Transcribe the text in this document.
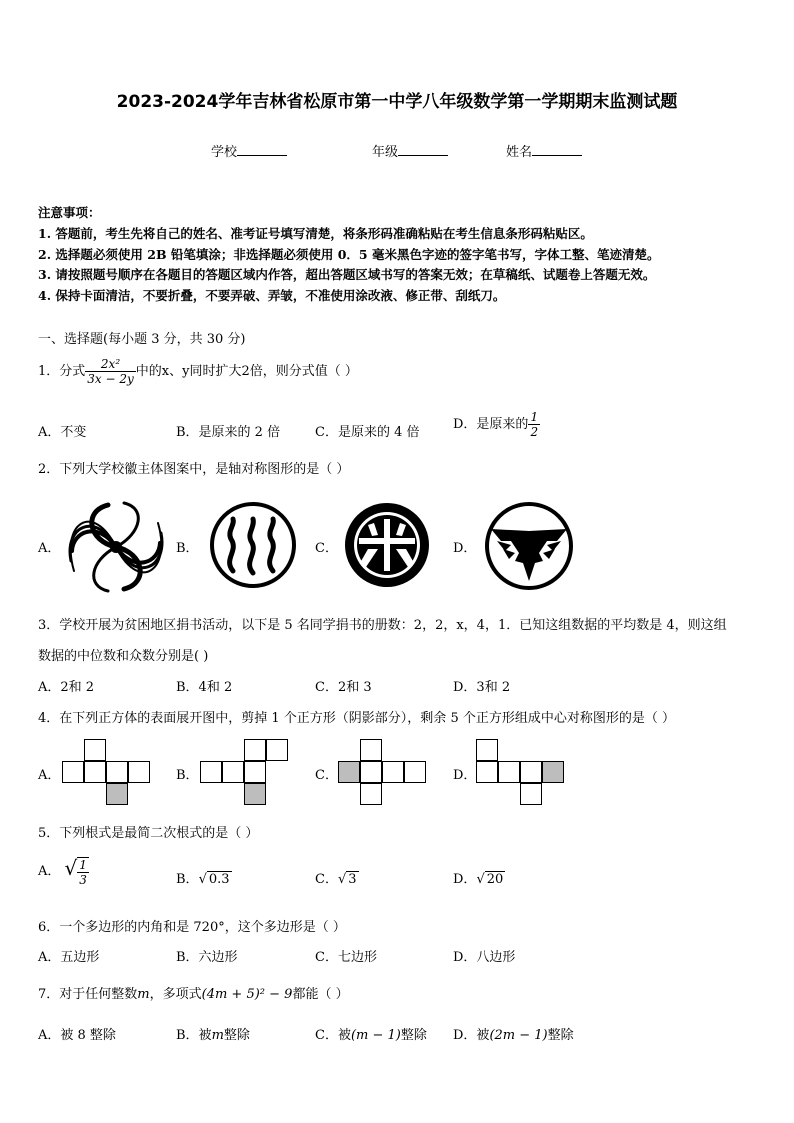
2023-2024学年吉林省松原市第一中学八年级数学第一学期期末监测试题
学校	年级	姓名
注意事项：
1. 答题前，考生先将自己的姓名、准考证号填写清楚，将条形码准确粘贴在考生信息条形码粘贴区。
2. 选择题必须使用 2B 铅笔填涂；非选择题必须使用 0．5 毫米黑色字迹的签字笔书写，字体工整、笔迹清楚。
3. 请按照题号顺序在各题目的答题区域内作答，超出答题区域书写的答案无效；在草稿纸、试题卷上答题无效。
4. 保持卡面清洁，不要折叠，不要弄破、弄皱，不准使用涂改液、修正带、刮纸刀。
一、选择题(每小题 3 分，共 30 分)
1．分式 $\frac{\text{2x²}}{3x - 2y}$ 中的x、y同时扩大2倍，则分式值（ ）
A．不变	B．是原来的 2 倍	C．是原来的 4 倍
D．是原来的 $\frac{1}{2}$
2．下列大学校徽主体图案中，是轴对称图形的是（ ）
A．	B．	C．	D．
3．学校开展为贫困地区捐书活动，以下是 5 名同学捐书的册数：2，2，x，4，1．已知这组数据的平均数是 4，则这组
数据的中位数和众数分别是( )
A．2和 2	B．4和 2	C．2和 3	D．3和 2
4．在下列正方体的表面展开图中，剪掉 1 个正方形（阴影部分），剩余 5 个正方形组成中心对称图形的是（ ）
A．	B．	C．	D．
5．下列根式是最简二次根式的是（ ）
A． √ $\frac{1}{3}$	B．√ 0.3	C．√ 3	D．√ 20
6．一个多边形的内角和是 720°，这个多边形是（ ）
A．五边形	B．六边形	C．七边形	D．八边形
7．对于任何整数m，多项式(4m + 5)² − 9都能（ ）
A．被 8 整除	B．被m整除	C．被(m − 1)整除 D．被(2m − 1)整除
